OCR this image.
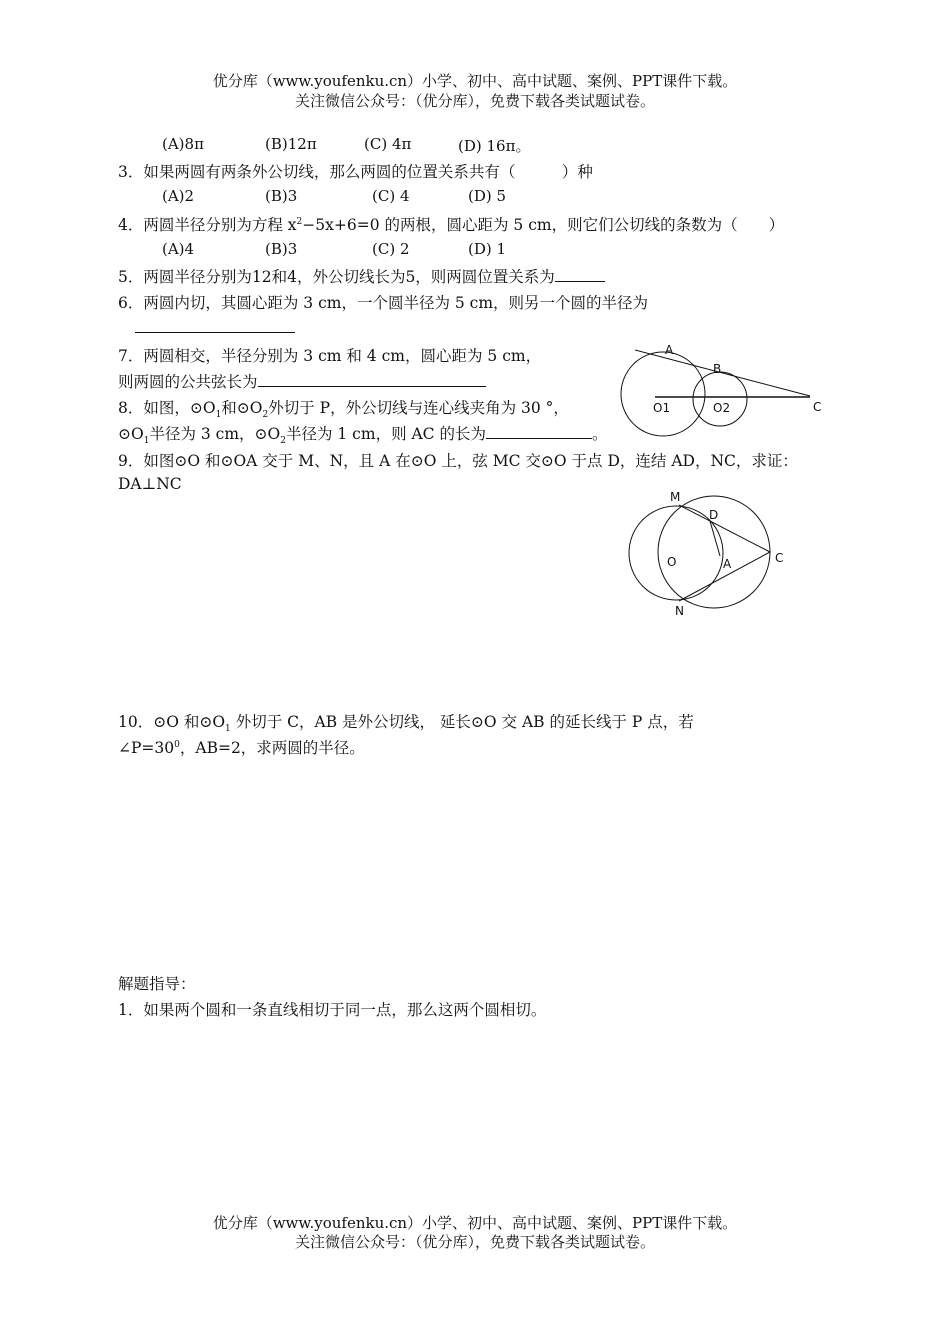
优分库（www.youfenku.cn）小学、初中、高中试题、案例、PPT课件下载。
关注微信公众号：（优分库），免费下载各类试题试卷。
(A)8π	(B)12π	(C) 4π	(D) 16π。
3．如果两圆有两条外公切线，那么两圆的位置关系共有（　　　）种
(A)2	(B)3	(C) 4	(D) 5
4．两圆半径分别为方程 $x^2-5x+6=0$ 的两根，圆心距为 5 cm，则它们公切线的条数为（　　）
(A)4	(B)3	(C) 2	(D) 1
5．两圆半径分别为12和4，外公切线长为5，则两圆位置关系为
6．两圆内切，其圆心距为 3 cm，一个圆半径为 5 cm，则另一个圆的半径为
7．两圆相交，半径分别为 3 cm 和 4 cm，圆心距为 5 cm，
则两圆的公共弦长为
8．如图，$⊙O_1$和$⊙O_2$外切于 P，外公切线与连心线夹角为 30 °，
$⊙O_1$半径为 3 cm，$⊙O_2$半径为 1 cm，则 AC 的长为	。
A
B
C
O1	O2
9．如图⊙O 和⊙OA 交于 M、N，且 A 在⊙O 上，弦 MC 交⊙O 于点 D，连结 AD，NC，求证：
DA⊥NC
M
D
O	A	C
N
10．⊙O 和$⊙O_1$ 外切于 C，AB 是外公切线， 延长⊙O 交 AB 的延长线于 P 点，若
$\angle P=30^0$，AB=2，求两圆的半径。
解题指导：
1．如果两个圆和一条直线相切于同一点，那么这两个圆相切。
优分库（www.youfenku.cn）小学、初中、高中试题、案例、PPT课件下载。
关注微信公众号：（优分库），免费下载各类试题试卷。
